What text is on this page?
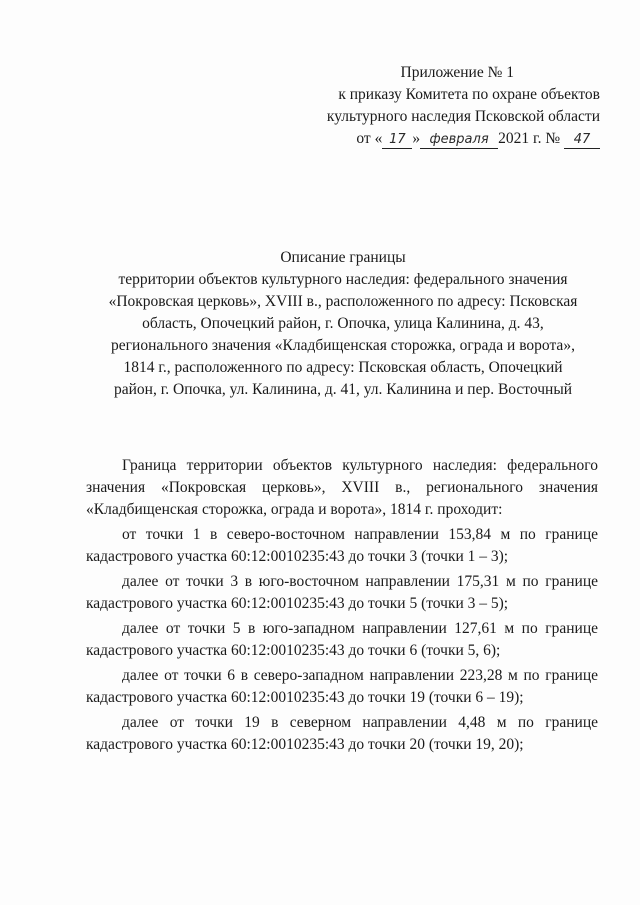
Приложение № 1
к приказу Комитета по охране объектов
культурного наследия Псковской области
от « 17 » февраля 2021 г. № 47
Описание границы
территории объектов культурного наследия: федерального значения
«Покровская церковь», XVIII в., расположенного по адресу: Псковская
область, Опочецкий район, г. Опочка, улица Калинина, д. 43,
регионального значения «Кладбищенская сторожка, ограда и ворота»,
1814 г., расположенного по адресу: Псковская область, Опочецкий
район, г. Опочка, ул. Калинина, д. 41, ул. Калинина и пер. Восточный

Граница территории объектов культурного наследия: федерального значения «Покровская церковь», XVIII в., регионального значения «Кладбищенская сторожка, ограда и ворота», 1814 г. проходит:

от точки 1 в северо-восточном направлении 153,84 м по границе кадастрового участка 60:12:0010235:43 до точки 3 (точки 1 – 3);

далее от точки 3 в юго-восточном направлении 175,31 м по границе кадастрового участка 60:12:0010235:43 до точки 5 (точки 3 – 5);

далее от точки 5 в юго-западном направлении 127,61 м по границе кадастрового участка 60:12:0010235:43 до точки 6 (точки 5, 6);

далее от точки 6 в северо-западном направлении 223,28 м по границе кадастрового участка 60:12:0010235:43 до точки 19 (точки 6 – 19);

далее от точки 19 в северном направлении 4,48 м по границе кадастрового участка 60:12:0010235:43 до точки 20 (точки 19, 20);
